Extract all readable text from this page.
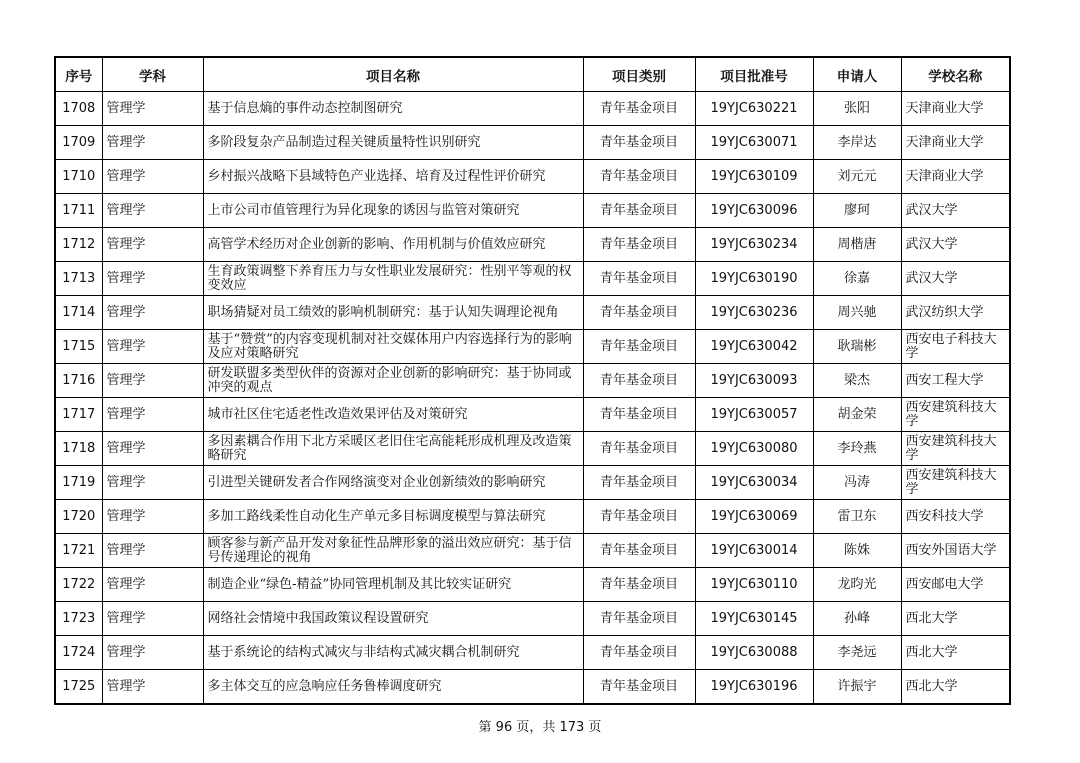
序号	学科	项目名称	项目类别	项目批准号	申请人	学校名称
1708	管理学	基于信息熵的事件动态控制图研究	青年基金项目	19YJC630221	张阳	天津商业大学
1709	管理学	多阶段复杂产品制造过程关键质量特性识别研究	青年基金项目	19YJC630071	李岸达	天津商业大学
1710	管理学	乡村振兴战略下县域特色产业选择、培育及过程性评价研究	青年基金项目	19YJC630109	刘元元	天津商业大学
1711	管理学	上市公司市值管理行为异化现象的诱因与监管对策研究	青年基金项目	19YJC630096	廖珂	武汉大学
1712	管理学	高管学术经历对企业创新的影响、作用机制与价值效应研究	青年基金项目	19YJC630234	周楷唐	武汉大学
1713	管理学	生育政策调整下养育压力与女性职业发展研究：性别平等观的权变效应	青年基金项目	19YJC630190	徐嘉	武汉大学
1714	管理学	职场猜疑对员工绩效的影响机制研究：基于认知失调理论视角	青年基金项目	19YJC630236	周兴驰	武汉纺织大学
1715	管理学	基于“赞赏”的内容变现机制对社交媒体用户内容选择行为的影响及应对策略研究	青年基金项目	19YJC630042	耿瑞彬	西安电子科技大学
1716	管理学	研发联盟多类型伙伴的资源对企业创新的影响研究：基于协同或冲突的观点	青年基金项目	19YJC630093	梁杰	西安工程大学
1717	管理学	城市社区住宅适老性改造效果评估及对策研究	青年基金项目	19YJC630057	胡金荣	西安建筑科技大学
1718	管理学	多因素耦合作用下北方采暖区老旧住宅高能耗形成机理及改造策略研究	青年基金项目	19YJC630080	李玲燕	西安建筑科技大学
1719	管理学	引进型关键研发者合作网络演变对企业创新绩效的影响研究	青年基金项目	19YJC630034	冯涛	西安建筑科技大学
1720	管理学	多加工路线柔性自动化生产单元多目标调度模型与算法研究	青年基金项目	19YJC630069	雷卫东	西安科技大学
1721	管理学	顾客参与新产品开发对象征性品牌形象的溢出效应研究：基于信号传递理论的视角	青年基金项目	19YJC630014	陈姝	西安外国语大学
1722	管理学	制造企业“绿色-精益”协同管理机制及其比较实证研究	青年基金项目	19YJC630110	龙昀光	西安邮电大学
1723	管理学	网络社会情境中我国政策议程设置研究	青年基金项目	19YJC630145	孙峰	西北大学
1724	管理学	基于系统论的结构式减灾与非结构式减灾耦合机制研究	青年基金项目	19YJC630088	李尧远	西北大学
1725	管理学	多主体交互的应急响应任务鲁棒调度研究	青年基金项目	19YJC630196	许振宇	西北大学
第 96 页，共 173 页
